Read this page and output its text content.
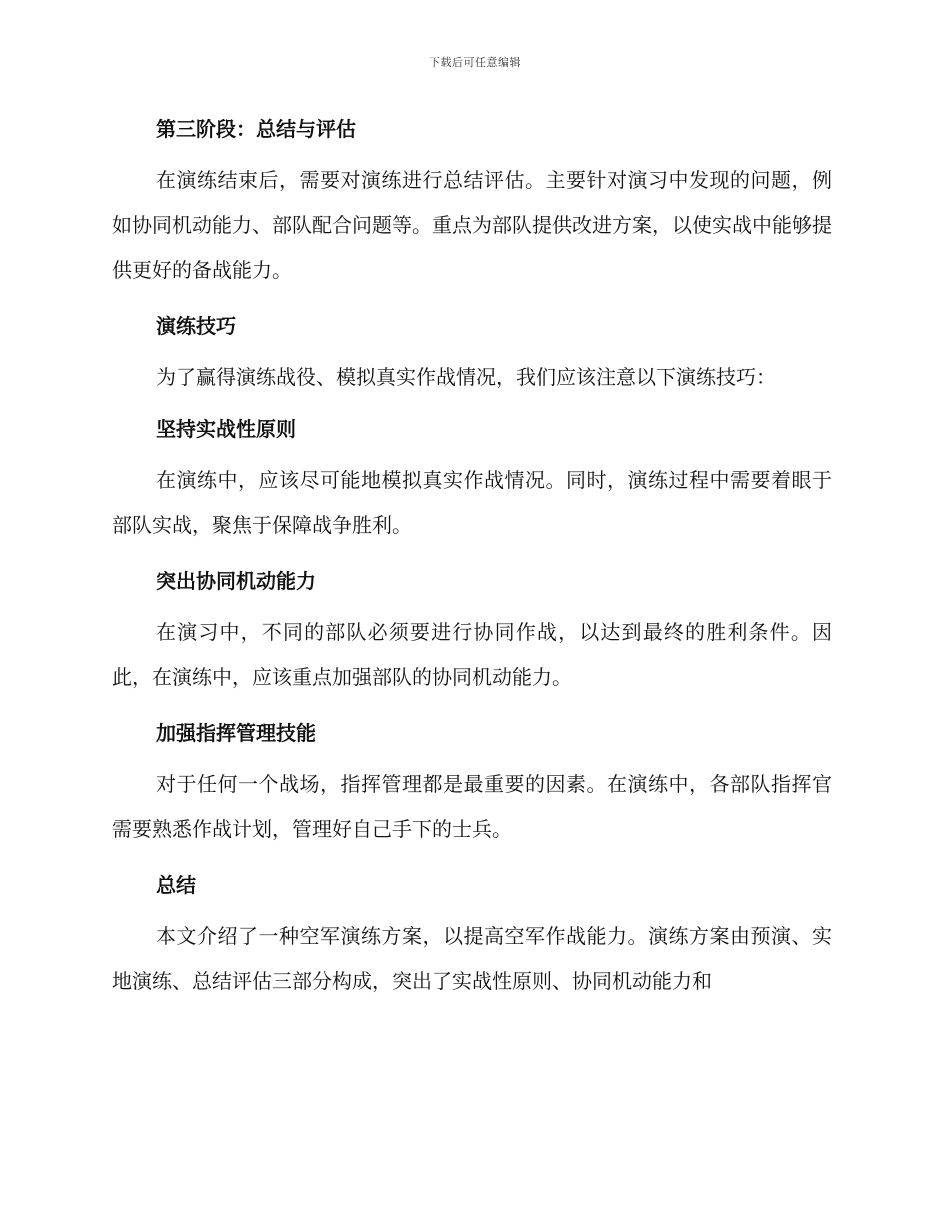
下载后可任意编辑
第三阶段：总结与评估

在演练结束后，需要对演练进行总结评估。主要针对演习中发现的问题，例如协同机动能力、部队配合问题等。重点为部队提供改进方案，以使实战中能够提供更好的备战能力。

演练技巧

为了赢得演练战役、模拟真实作战情况，我们应该注意以下演练技巧：

坚持实战性原则

在演练中，应该尽可能地模拟真实作战情况。同时，演练过程中需要着眼于部队实战，聚焦于保障战争胜利。

突出协同机动能力

在演习中，不同的部队必须要进行协同作战，以达到最终的胜利条件。因此，在演练中，应该重点加强部队的协同机动能力。

加强指挥管理技能

对于任何一个战场，指挥管理都是最重要的因素。在演练中，各部队指挥官需要熟悉作战计划，管理好自己手下的士兵。

总结

本文介绍了一种空军演练方案，以提高空军作战能力。演练方案由预演、实地演练、总结评估三部分构成，突出了实战性原则、协同机动能力和
